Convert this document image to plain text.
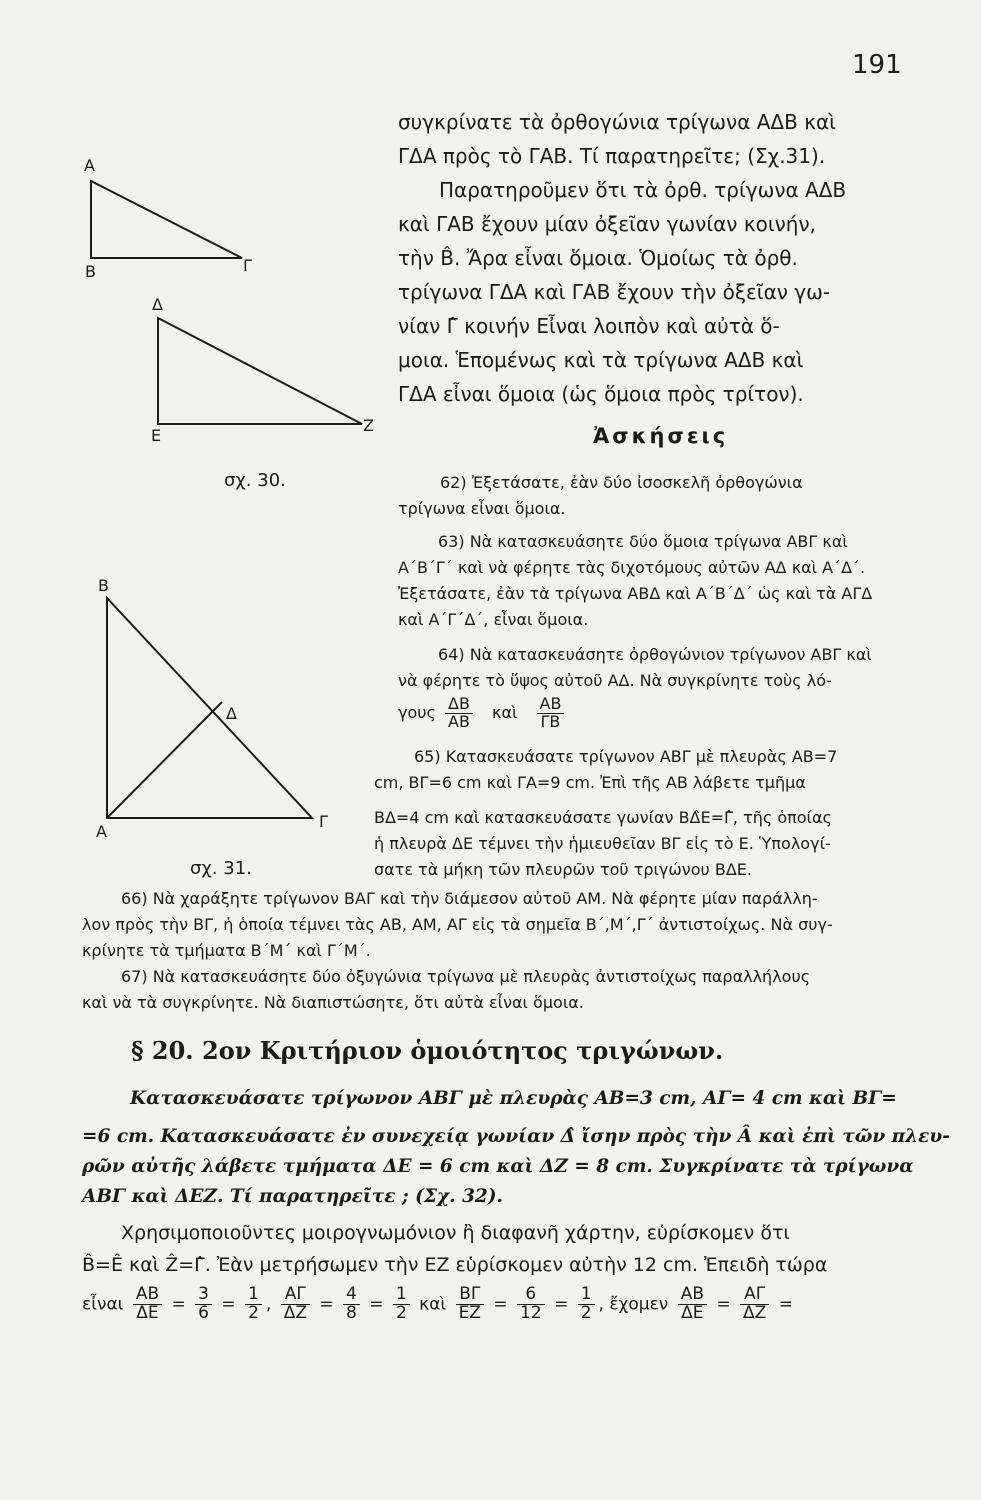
191
Α
Β	Γ
Δ
Ε
Ζ
σχ. 30.
Β
Δ
Α
Γ
σχ. 31.
συγκρίνατε τὰ ὀρθογώνια τρίγωνα ΑΔΒ καὶ
ΓΔΑ πρὸς τὸ ΓΑΒ. Τί παρατηρεῖτε; (Σχ.31).
Παρατηροῦμεν ὅτι τὰ ὀρθ. τρίγωνα ΑΔΒ
καὶ ΓΑΒ ἔχουν μίαν ὀξεῖαν γωνίαν κοινήν,
τὴν B̂. Ἄρα εἶναι ὅμοια. Ὁμοίως τὰ ὀρθ.
τρίγωνα ΓΔΑ καὶ ΓΑΒ ἔχουν τὴν ὀξεῖαν γω-
νίαν Γ̂ κοινήν Εἶναι λοιπὸν καὶ αὐτὰ ὅ-
μοια. Ἑπομένως καὶ τὰ τρίγωνα ΑΔΒ καὶ
ΓΔΑ εἶναι ὅμοια (ὡς ὅμοια πρὸς τρίτον).
Ἀσκήσεις
62) Ἐξετάσατε, ἐὰν δύο ἰσοσκελῆ ὀρθογώνια
τρίγωνα εἶναι ὅμοια.
63) Νὰ κατασκευάσητε δύο ὅμοια τρίγωνα ΑΒΓ καὶ
Α΄Β΄Γ΄ καὶ νὰ φέρητε τὰς διχοτόμους αὐτῶν ΑΔ καὶ Α΄Δ΄.
Ἐξετάσατε, ἐὰν τὰ τρίγωνα ΑΒΔ καὶ Α΄Β΄Δ΄ ὡς καὶ τὰ ΑΓΔ
καὶ Α΄Γ΄Δ΄, εἶναι ὅμοια.
64) Νὰ κατασκευάσητε ὀρθογώνιον τρίγωνον ΑΒΓ καὶ
νὰ φέρητε τὸ ὕψος αὐτοῦ ΑΔ. Νὰ συγκρίνητε τοὺς λό-
γους $\frac{\Delta B}{AB}$ καὶ $\frac{AB}{\Gamma B}$
65) Κατασκευάσατε τρίγωνον ΑΒΓ μὲ πλευρὰς ΑΒ=7
cm, ΒΓ=6 cm καὶ ΓΑ=9 cm. Ἐπὶ τῆς ΑΒ λάβετε τμῆμα
ΒΔ=4 cm καὶ κατασκευάσατε γωνίαν ΒΔ̂Ε=Γ̂, τῆς ὁποίας
ἡ πλευρὰ ΔΕ τέμνει τὴν ἡμιευθεῖαν ΒΓ εἰς τὸ Ε. Ὑπολογί-
σατε τὰ μήκη τῶν πλευρῶν τοῦ τριγώνου ΒΔΕ.
66) Νὰ χαράξητε τρίγωνον ΒΑΓ καὶ τὴν διάμεσον αὐτοῦ ΑΜ. Νὰ φέρητε μίαν παράλλη-
λον πρὸς τὴν ΒΓ, ἡ ὁποία τέμνει τὰς ΑΒ, ΑΜ, ΑΓ εἰς τὰ σημεῖα Β΄,Μ΄,Γ΄ ἀντιστοίχως. Νὰ συγ-
κρίνητε τὰ τμήματα Β΄Μ΄ καὶ Γ΄Μ΄.
67) Νὰ κατασκευάσητε δύο ὀξυγώνια τρίγωνα μὲ πλευρὰς ἀντιστοίχως παραλλήλους
καὶ νὰ τὰ συγκρίνητε. Νὰ διαπιστώσητε, ὅτι αὐτὰ εἶναι ὅμοια.
§ 20. 2ον Κριτήριον ὁμοιότητος τριγώνων.
Κατασκευάσατε τρίγωνον ΑΒΓ μὲ πλευρὰς ΑΒ=3 cm, ΑΓ= 4 cm καὶ ΒΓ=
=6 cm. Κατασκευάσατε ἐν συνεχείᾳ γωνίαν Δ̂ ἴσην πρὸς τὴν Â καὶ ἐπὶ τῶν πλευ-
ρῶν αὐτῆς λάβετε τμήματα ΔΕ = 6 cm καὶ ΔΖ = 8 cm. Συγκρίνατε τὰ τρίγωνα
ΑΒΓ καὶ ΔΕΖ. Τί παρατηρεῖτε ; (Σχ. 32).
Χρησιμοποιοῦντες μοιρογνωμόνιον ἢ διαφανῆ χάρτην, εὑρίσκομεν ὅτι
B̂=Ê καὶ Ẑ=Γ̂. Ἐὰν μετρήσωμεν τὴν ΕΖ εὑρίσκομεν αὐτὴν 12 cm. Ἐπειδὴ τώρα
εἶναι $\frac{AB}{\Delta E} = \frac{3}{6} = \frac{1}{2}$ , $\frac{A\Gamma}{\Delta Z} = \frac{4}{8} = \frac{1}{2}$ καὶ $\frac{B\Gamma}{EZ} = \frac{6}{12} = \frac{1}{2}$ , ἔχομεν $\frac{AB}{\Delta E} = \frac{A\Gamma}{\Delta Z}$ =
